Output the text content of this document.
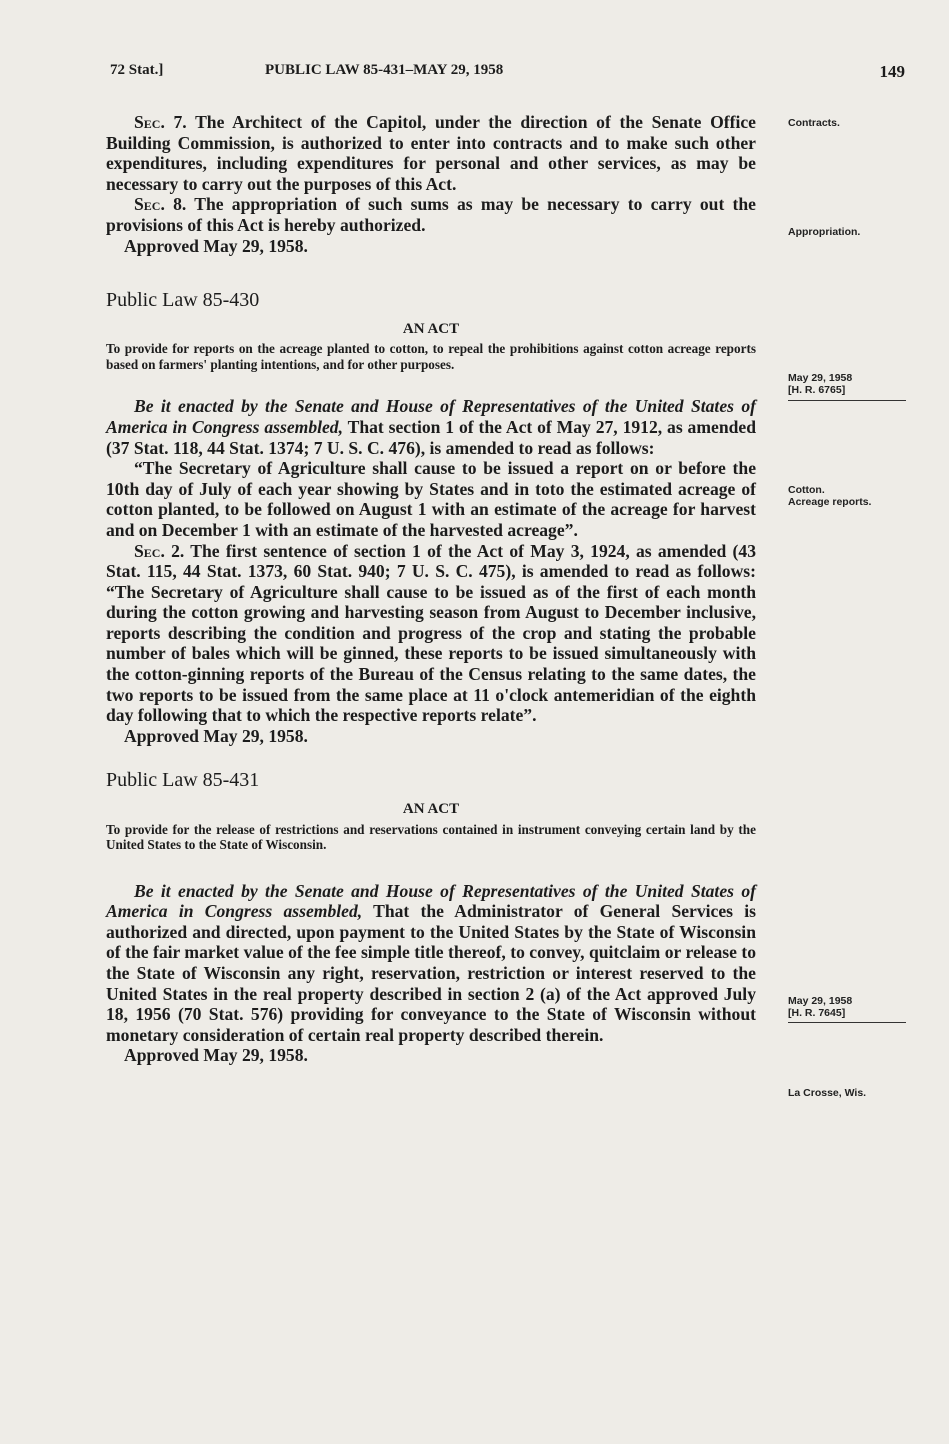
72 Stat.]	PUBLIC LAW 85-431–MAY 29, 1958	149
Contracts.
Appropriation.
May 29, 1958
[H. R. 6765]
Cotton.
Acreage reports.
May 29, 1958
[H. R. 7645]
La Crosse, Wis.

Sec. 7. The Architect of the Capitol, under the direction of the Senate Office Building Commission, is authorized to enter into contracts and to make such other expenditures, including expenditures for personal and other services, as may be necessary to carry out the purposes of this Act.

Sec. 8. The appropriation of such sums as may be necessary to carry out the provisions of this Act is hereby authorized.

Approved May 29, 1958.

Public Law 85-430

AN ACT

To provide for reports on the acreage planted to cotton, to repeal the prohibitions against cotton acreage reports based on farmers' planting intentions, and for other purposes.

Be it enacted by the Senate and House of Representatives of the United States of America in Congress assembled, That section 1 of the Act of May 27, 1912, as amended (37 Stat. 118, 44 Stat. 1374; 7 U. S. C. 476), is amended to read as follows:

“The Secretary of Agriculture shall cause to be issued a report on or before the 10th day of July of each year showing by States and in toto the estimated acreage of cotton planted, to be followed on August 1 with an estimate of the acreage for harvest and on December 1 with an estimate of the harvested acreage”.

Sec. 2. The first sentence of section 1 of the Act of May 3, 1924, as amended (43 Stat. 115, 44 Stat. 1373, 60 Stat. 940; 7 U. S. C. 475), is amended to read as follows: “The Secretary of Agriculture shall cause to be issued as of the first of each month during the cotton growing and harvesting season from August to December inclusive, reports describing the condition and progress of the crop and stating the probable number of bales which will be ginned, these reports to be issued simultaneously with the cotton-ginning reports of the Bureau of the Census relating to the same dates, the two reports to be issued from the same place at 11 o'clock antemeridian of the eighth day following that to which the respective reports relate”.

Approved May 29, 1958.

Public Law 85-431

AN ACT

To provide for the release of restrictions and reservations contained in instrument conveying certain land by the United States to the State of Wisconsin.

Be it enacted by the Senate and House of Representatives of the United States of America in Congress assembled, That the Administrator of General Services is authorized and directed, upon payment to the United States by the State of Wisconsin of the fair market value of the fee simple title thereof, to convey, quitclaim or release to the State of Wisconsin any right, reservation, restriction or interest reserved to the United States in the real property described in section 2 (a) of the Act approved July 18, 1956 (70 Stat. 576) providing for conveyance to the State of Wisconsin without monetary consideration of certain real property described therein.

Approved May 29, 1958.
